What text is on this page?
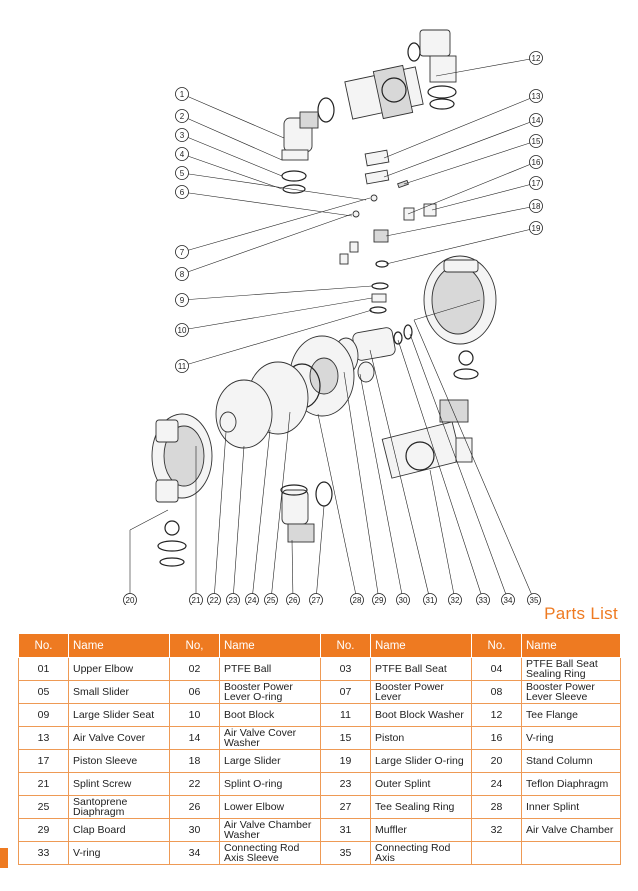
1
2
3
4
5
6
7
8
9
10
11
12
13
14
15
16
17
18
19
20	21 22 23 24 25 26 27	28 29 30 31 32 33 34 35
Parts List
No.	Name	No,	Name	No.	Name	No.	Name
01	Upper Elbow	02	PTFE Ball	03	PTFE Ball Seat	04	PTFE Ball Seat Sealing Ring
05	Small Slider	06	Booster Power Lever O-ring	07	Booster Power Lever	08	Booster Power Lever Sleeve
09	Large Slider Seat	10	Boot Block	11	Boot Block Washer	12	Tee Flange
13	Air Valve Cover	14	Air Valve Cover Washer	15	Piston	16	V-ring
17	Piston Sleeve	18	Large Slider	19	Large Slider O-ring	20	Stand Column
21	Splint Screw	22	Splint O-ring	23	Outer Splint	24	Teflon Diaphragm
25	Santoprene Diaphragm	26	Lower Elbow	27	Tee Sealing Ring	28	Inner Splint
29	Clap Board	30	Air Valve Chamber Washer	31	Muffler	32	Air Valve Chamber
33	V-ring	34	Connecting Rod Axis Sleeve	35	Connecting Rod Axis		
